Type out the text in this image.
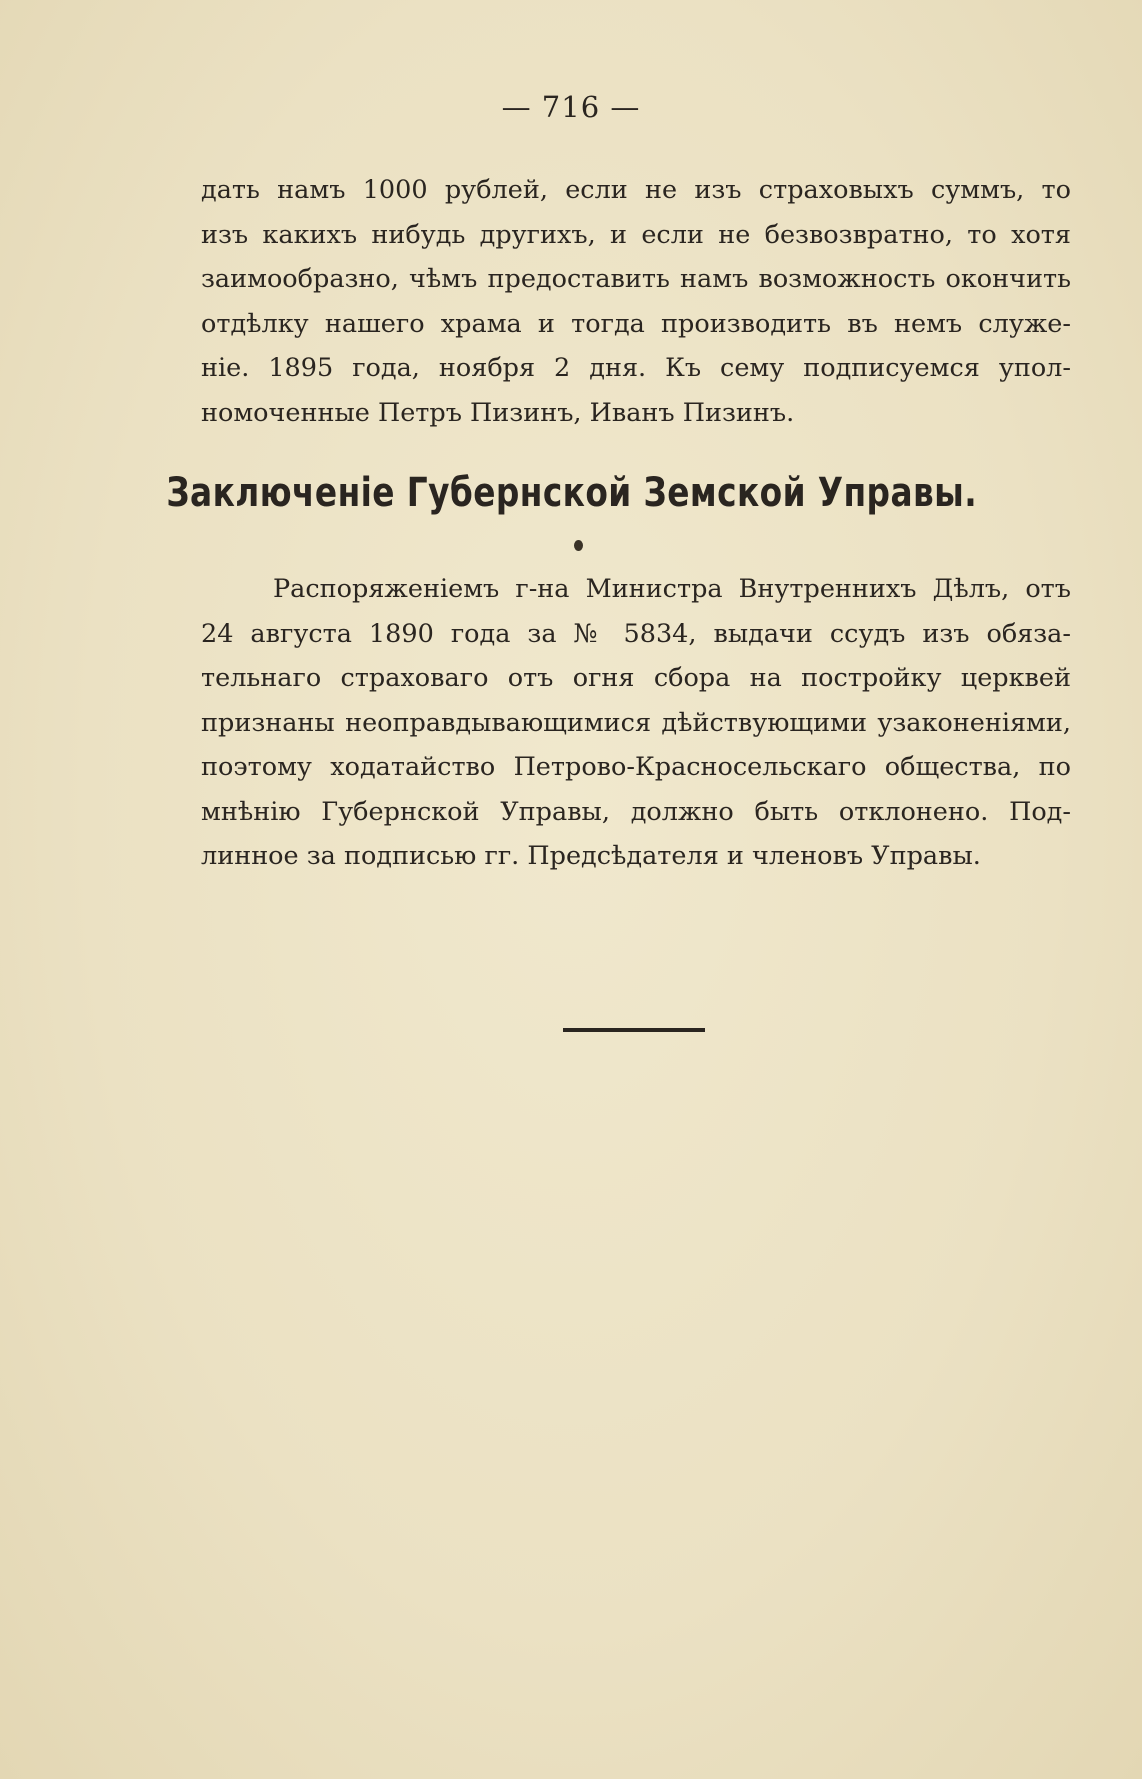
— 716 —

дать намъ 1000 рублей, если не изъ страховыхъ суммъ, то

изъ какихъ нибудь другихъ, и если не безвозвратно, то хотя

заимообразно, чѣмъ предоставить намъ возможность окончить

отдѣлку нашего храма и тогда производить въ немъ служе-

ніе. 1895 года, ноября 2 дня. Къ сему подписуемся упол-

номоченные Петръ Пизинъ, Иванъ Пизинъ.

Заключеніе Губернской Земской Управы.

Распоряженіемъ г-на Министра Внутреннихъ Дѣлъ, отъ

24 августа 1890 года за № 5834, выдачи ссудъ изъ обяза-

тельнаго страховаго отъ огня сбора на постройку церквей

признаны неоправдывающимися дѣйствующими узаконеніями,

поэтому ходатайство Петрово-Красносельскаго общества, по

мнѣнію Губернской Управы, должно быть отклонено. Под-

линное за подписью гг. Предсѣдателя и членовъ Управы.
